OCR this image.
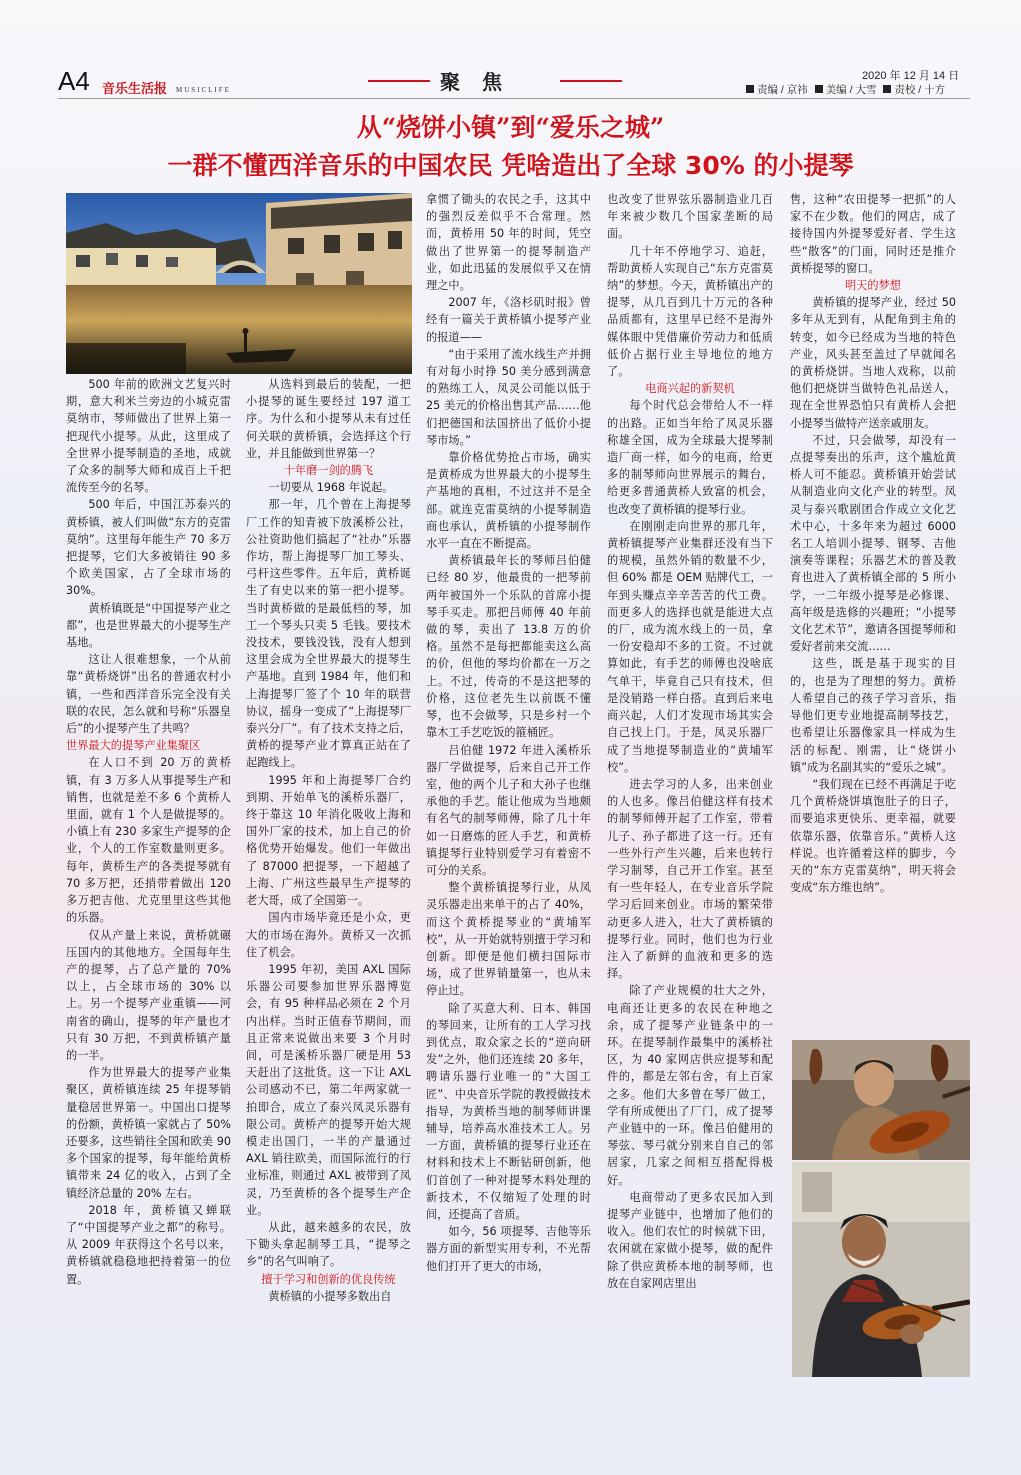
A4 音乐生活报 MUSICLIFE	聚焦	2020 年 12 月 14 日
责编 / 京祎 美编 / 大雪 责校 / 十方
从“烧饼小镇”到“爱乐之城”
一群不懂西洋音乐的中国农民 凭啥造出了全球 30% 的小提琴

500 年前的欧洲文艺复兴时期，意大利米兰旁边的小城克雷莫纳市，琴师做出了世界上第一把现代小提琴。从此，这里成了全世界小提琴制造的圣地，成就了众多的制琴大师和成百上千把流传至今的名琴。

500 年后，中国江苏泰兴的黄桥镇，被人们叫做“东方的克雷莫纳”。这里每年能生产 70 多万把提琴，它们大多被销往 90 多个欧美国家，占了全球市场的 30%。

黄桥镇既是“中国提琴产业之都”，也是世界最大的小提琴生产基地。

这让人很难想象，一个从前靠“黄桥烧饼”出名的普通农村小镇，一些和西洋音乐完全没有关联的农民，怎么就和号称“乐器皇后”的小提琴产生了共鸣？

世界最大的提琴产业集聚区

在人口不到 20 万的黄桥镇，有 3 万多人从事提琴生产和销售，也就是差不多 6 个黄桥人里面，就有 1 个人是做提琴的。小镇上有 230 多家生产提琴的企业，个人的工作室数量则更多。每年，黄桥生产的各类提琴就有 70 多万把，还捎带着做出 120 多万把吉他、尤克里里这些其他的乐器。

仅从产量上来说，黄桥就碾压国内的其他地方。全国每年生产的提琴，占了总产量的 70% 以上，占全球市场的 30% 以上。另一个提琴产业重镇——河南省的确山，提琴的年产量也才只有 30 万把，不到黄桥镇产量的一半。

作为世界最大的提琴产业集聚区，黄桥镇连续 25 年提琴销量稳居世界第一。中国出口提琴的份额，黄桥镇一家就占了 50% 还要多，这些销往全国和欧美 90 多个国家的提琴，每年能给黄桥镇带来 24 亿的收入，占到了全镇经济总量的 20% 左右。

2018 年，黄桥镇又蝉联了“中国提琴产业之都”的称号。从 2009 年获得这个名号以来，黄桥镇就稳稳地把持着第一的位置。

从选料到最后的装配，一把小提琴的诞生要经过 197 道工序。为什么和小提琴从未有过任何关联的黄桥镇，会选择这个行业，并且能做到世界第一？

十年磨一剑的腾飞

一切要从 1968 年说起。

那一年，几个曾在上海提琴厂工作的知青被下放溪桥公社，公社资助他们搞起了“社办”乐器作坊，帮上海提琴厂加工琴头、弓杆这些零件。五年后，黄桥诞生了有史以来的第一把小提琴。当时黄桥做的是最低档的琴，加工一个琴头只卖 5 毛钱。要技术没技术，要钱没钱，没有人想到这里会成为全世界最大的提琴生产基地。直到 1984 年，他们和上海提琴厂签了个 10 年的联营协议，摇身一变成了“上海提琴厂泰兴分厂”。有了技术支持之后，黄桥的提琴产业才算真正站在了起跑线上。

1995 年和上海提琴厂合约到期、开始单飞的溪桥乐器厂，终于靠这 10 年消化吸收上海和国外厂家的技术，加上自己的价格优势开始爆发。他们一年做出了 87000 把提琴，一下超越了上海、广州这些最早生产提琴的老大哥，成了全国第一。

国内市场毕竟还是小众，更大的市场在海外。黄桥又一次抓住了机会。

1995 年初，美国 AXL 国际乐器公司要参加世界乐器博览会，有 95 种样品必须在 2 个月内出样。当时正值春节期间，而且正常来说做出来要 3 个月时间，可是溪桥乐器厂硬是用 53 天赶出了这批货。这一下让 AXL 公司感动不已，第二年两家就一拍即合，成立了泰兴凤灵乐器有限公司。黄桥产的提琴开始大规模走出国门，一半的产量通过 AXL 销往欧美，而国际流行的行业标准，则通过 AXL 被带到了凤灵，乃至黄桥的各个提琴生产企业。

从此，越来越多的农民，放下锄头拿起制琴工具，“提琴之乡”的名气叫响了。

擅于学习和创新的优良传统

黄桥镇的小提琴多数出自

拿惯了锄头的农民之手，这其中的强烈反差似乎不合常理。然而，黄桥用 50 年的时间，凭空做出了世界第一的提琴制造产业，如此迅猛的发展似乎又在情理之中。

2007 年，《洛杉矶时报》曾经有一篇关于黄桥镇小提琴产业的报道——

“由于采用了流水线生产并拥有对每小时挣 50 美分感到满意的熟练工人，凤灵公司能以低于 25 美元的价格出售其产品……他们把德国和法国挤出了低价小提琴市场。”

靠价格优势抢占市场，确实是黄桥成为世界最大的小提琴生产基地的真相，不过这并不是全部。就连克雷莫纳的小提琴制造商也承认，黄桥镇的小提琴制作水平一直在不断提高。

黄桥镇最年长的琴师吕伯健已经 80 岁，他最贵的一把琴前两年被国外一个乐队的首席小提琴手买走。那把吕师傅 40 年前做的琴，卖出了 13.8 万的价格。虽然不是每把都能卖这么高的价，但他的琴均价都在一万之上。不过，传奇的不是这把琴的价格，这位老先生以前既不懂琴，也不会做琴，只是乡村一个靠木工手艺吃饭的箍桶匠。

吕伯健 1972 年进入溪桥乐器厂学做提琴，后来自己开工作室，他的两个儿子和大孙子也继承他的手艺。能让他成为当地颇有名气的制琴师傅，除了几十年如一日磨炼的匠人手艺，和黄桥镇提琴行业特别爱学习有着密不可分的关系。

整个黄桥镇提琴行业，从凤灵乐器走出来单干的占了 40%，而这个黄桥提琴业的“黄埔军校”，从一开始就特别擅于学习和创新。即便是他们横扫国际市场，成了世界销量第一，也从未停止过。

除了买意大利、日本、韩国的琴回来，让所有的工人学习找到优点，取众家之长的“逆向研发”之外，他们还连续 20 多年，聘请乐器行业唯一的“大国工匠”、中央音乐学院的教授做技术指导，为黄桥当地的制琴师讲课辅导，培养高水准技术工人。另一方面，黄桥镇的提琴行业还在材料和技术上不断钻研创新，他们首创了一种对提琴木料处理的新技术，不仅缩短了处理的时间，还提高了音质。

如今，56 项提琴、吉他等乐器方面的新型实用专利，不光帮他们打开了更大的市场，

也改变了世界弦乐器制造业几百年来被少数几个国家垄断的局面。

几十年不停地学习、追赶，帮助黄桥人实现自己“东方克雷莫纳”的梦想。今天，黄桥镇出产的提琴，从几百到几十万元的各种品质都有，这里早已经不是海外媒体眼中凭借廉价劳动力和低质低价占据行业主导地位的地方了。

电商兴起的新契机

每个时代总会带给人不一样的出路。正如当年给了凤灵乐器称雄全国，成为全球最大提琴制造厂商一样，如今的电商，给更多的制琴师向世界展示的舞台，给更多普通黄桥人致富的机会，也改变了黄桥镇的提琴行业。

在刚刚走向世界的那几年，黄桥镇提琴产业集群还没有当下的规模，虽然外销的数量不少，但 60% 都是 OEM 贴牌代工，一年到头赚点辛辛苦苦的代工费。而更多人的选择也就是能进大点的厂，成为流水线上的一员，拿一份安稳却不多的工资。不过就算如此，有手艺的师傅也没啥底气单干，毕竟自己只有技术，但是没销路一样白搭。直到后来电商兴起，人们才发现市场其实会自己找上门。于是，凤灵乐器厂成了当地提琴制造业的“黄埔军校”。

进去学习的人多，出来创业的人也多。像吕伯健这样有技术的制琴师傅开起了工作室，带着儿子、孙子都进了这一行。还有一些外行产生兴趣，后来也转行学习制琴，自己开工作室。甚至有一些年轻人，在专业音乐学院学习后回来创业。市场的繁荣带动更多人进入，壮大了黄桥镇的提琴行业。同时，他们也为行业注入了新鲜的血液和更多的选择。

除了产业规模的壮大之外，电商还让更多的农民在种地之余，成了提琴产业链条中的一环。在提琴制作最集中的溪桥社区，为 40 家网店供应提琴和配件的，都是左邻右舍，有上百家之多。他们大多曾在琴厂做工，学有所成便出了厂门，成了提琴产业链中的一环。像吕伯健用的琴弦、琴弓就分别来自自己的邻居家，几家之间相互搭配得极好。

电商带动了更多农民加入到提琴产业链中，也增加了他们的收入。他们农忙的时候就下田，农闲就在家做小提琴，做的配件除了供应黄桥本地的制琴师，也放在自家网店里出

售，这种“农田提琴一把抓”的人家不在少数。他们的网店，成了接待国内外提琴爱好者、学生这些“散客”的门面，同时还是推介黄桥提琴的窗口。

明天的梦想

黄桥镇的提琴产业，经过 50 多年从无到有，从配角到主角的转变，如今已经成为当地的特色产业，风头甚至盖过了早就闻名的黄桥烧饼。当地人戏称，以前他们把烧饼当做特色礼品送人，现在全世界恐怕只有黄桥人会把小提琴当做特产送亲戚朋友。

不过，只会做琴，却没有一点提琴奏出的乐声，这个尴尬黄桥人可不能忍。黄桥镇开始尝试从制造业向文化产业的转型。凤灵与泰兴歌剧团合作成立文化艺术中心，十多年来为超过 6000 名工人培训小提琴、钢琴、吉他演奏等课程；乐器艺术的普及教育也进入了黄桥镇全部的 5 所小学，一二年级小提琴是必修课、高年级是选修的兴趣班；“小提琴文化艺术节”，邀请各国提琴师和爱好者前来交流……

这些，既是基于现实的目的，也是为了理想的努力。黄桥人希望自己的孩子学习音乐，指导他们更专业地提高制琴技艺，也希望让乐器像家具一样成为生活的标配、刚需，让“烧饼小镇”成为名副其实的“爱乐之城”。

“我们现在已经不再满足于吃几个黄桥烧饼填饱肚子的日子，而要追求更快乐、更幸福，就要依靠乐器，依靠音乐。”黄桥人这样说。也许循着这样的脚步，今天的“东方克雷莫纳”，明天将会变成“东方维也纳”。
